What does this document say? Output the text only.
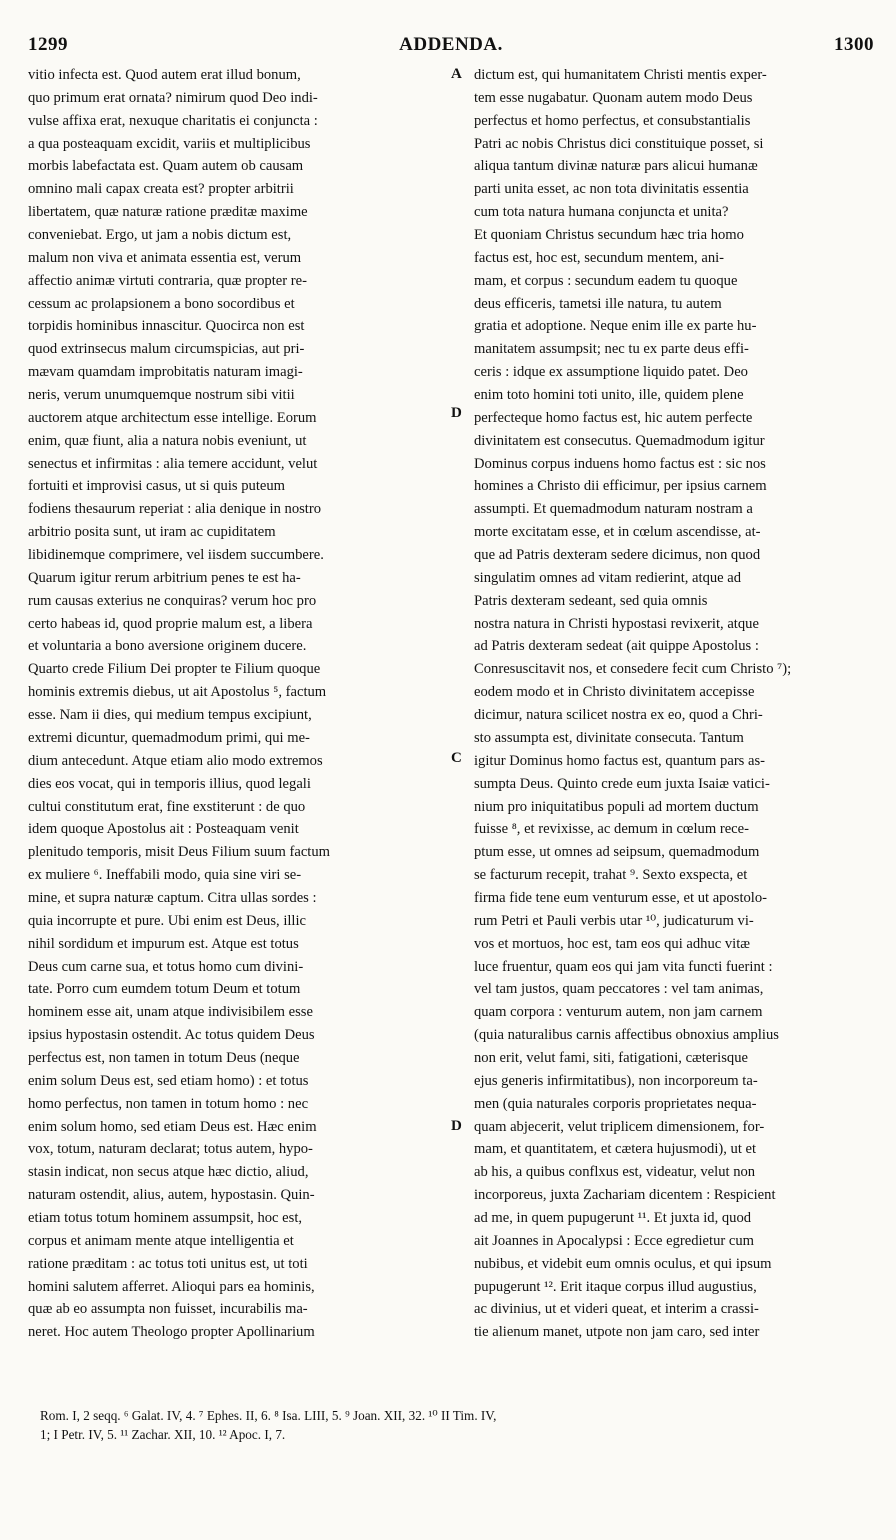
1299	ADDENDA.	1300
A
D
C
D
vitio infecta est. Quod autem erat illud bonum,
quo primum erat ornata? nimirum quod Deo indi-
vulse affixa erat, nexuque charitatis ei conjuncta :
a qua posteaquam excidit, variis et multiplicibus
morbis labefactata est. Quam autem ob causam
omnino mali capax creata est? propter arbitrii
libertatem, quæ naturæ ratione præditæ maxime
conveniebat. Ergo, ut jam a nobis dictum est,
malum non viva et animata essentia est, verum
affectio animæ virtuti contraria, quæ propter re-
cessum ac prolapsionem a bono socordibus et
torpidis hominibus innascitur. Quocirca non est
quod extrinsecus malum circumspicias, aut pri-
mævam quamdam improbitatis naturam imagi-
neris, verum unumquemque nostrum sibi vitii
auctorem atque architectum esse intellige. Eorum
enim, quæ fiunt, alia a natura nobis eveniunt, ut
senectus et infirmitas : alia temere accidunt, velut
fortuiti et improvisi casus, ut si quis puteum
fodiens thesaurum reperiat : alia denique in nostro
arbitrio posita sunt, ut iram ac cupiditatem
libidinemque comprimere, vel iisdem succumbere.
Quarum igitur rerum arbitrium penes te est ha-
rum causas exterius ne conquiras? verum hoc pro
certo habeas id, quod proprie malum est, a libera
et voluntaria a bono aversione originem ducere.
Quarto crede Filium Dei propter te Filium quoque
hominis extremis diebus, ut ait Apostolus ⁵, factum
esse. Nam ii dies, qui medium tempus excipiunt,
extremi dicuntur, quemadmodum primi, qui me-
dium antecedunt. Atque etiam alio modo extremos
dies eos vocat, qui in temporis illius, quod legali
cultui constitutum erat, fine exstiterunt : de quo
idem quoque Apostolus ait : Posteaquam venit
plenitudo temporis, misit Deus Filium suum factum
ex muliere ⁶. Ineffabili modo, quia sine viri se-
mine, et supra naturæ captum. Citra ullas sordes :
quia incorrupte et pure. Ubi enim est Deus, illic
nihil sordidum et impurum est. Atque est totus
Deus cum carne sua, et totus homo cum divini-
tate. Porro cum eumdem totum Deum et totum
hominem esse ait, unam atque indivisibilem esse
ipsius hypostasin ostendit. Ac totus quidem Deus
perfectus est, non tamen in totum Deus (neque
enim solum Deus est, sed etiam homo) : et totus
homo perfectus, non tamen in totum homo : nec
enim solum homo, sed etiam Deus est. Hæc enim
vox, totum, naturam declarat; totus autem, hypo-
stasin indicat, non secus atque hæc dictio, aliud,
naturam ostendit, alius, autem, hypostasin. Quin-
etiam totus totum hominem assumpsit, hoc est,
corpus et animam mente atque intelligentia et
ratione præditam : ac totus toti unitus est, ut toti
homini salutem afferret. Alioqui pars ea hominis,
quæ ab eo assumpta non fuisset, incurabilis ma-
neret. Hoc autem Theologo propter Apollinarium
dictum est, qui humanitatem Christi mentis exper-
tem esse nugabatur. Quonam autem modo Deus
perfectus et homo perfectus, et consubstantialis
Patri ac nobis Christus dici constituique posset, si
aliqua tantum divinæ naturæ pars alicui humanæ
parti unita esset, ac non tota divinitatis essentia
cum tota natura humana conjuncta et unita?
Et quoniam Christus secundum hæc tria homo
factus est, hoc est, secundum mentem, ani-
mam, et corpus : secundum eadem tu quoque
deus efficeris, tametsi ille natura, tu autem
gratia et adoptione. Neque enim ille ex parte hu-
manitatem assumpsit; nec tu ex parte deus effi-
ceris : idque ex assumptione liquido patet. Deo
enim toto homini toti unito, ille, quidem plene
perfecteque homo factus est, hic autem perfecte
divinitatem est consecutus. Quemadmodum igitur
Dominus corpus induens homo factus est : sic nos
homines a Christo dii efficimur, per ipsius carnem
assumpti. Et quemadmodum naturam nostram a
morte excitatam esse, et in cœlum ascendisse, at-
que ad Patris dexteram sedere dicimus, non quod
singulatim omnes ad vitam redierint, atque ad
Patris dexteram sedeant, sed quia omnis
nostra natura in Christi hypostasi revixerit, atque
ad Patris dexteram sedeat (ait quippe Apostolus :
Conresuscitavit nos, et consedere fecit cum Christo ⁷);
eodem modo et in Christo divinitatem accepisse
dicimur, natura scilicet nostra ex eo, quod a Chri-
sto assumpta est, divinitate consecuta. Tantum
igitur Dominus homo factus est, quantum pars as-
sumpta Deus. Quinto crede eum juxta Isaiæ vatici-
nium pro iniquitatibus populi ad mortem ductum
fuisse ⁸, et revixisse, ac demum in cœlum rece-
ptum esse, ut omnes ad seipsum, quemadmodum
se facturum recepit, trahat ⁹. Sexto exspecta, et
firma fide tene eum venturum esse, et ut apostolo-
rum Petri et Pauli verbis utar ¹⁰, judicaturum vi-
vos et mortuos, hoc est, tam eos qui adhuc vitæ
luce fruentur, quam eos qui jam vita functi fuerint :
vel tam justos, quam peccatores : vel tam animas,
quam corpora : venturum autem, non jam carnem
(quia naturalibus carnis affectibus obnoxius amplius
non erit, velut fami, siti, fatigationi, cæterisque
ejus generis infirmitatibus), non incorporeum ta-
men (quia naturales corporis proprietates nequa-
quam abjecerit, velut triplicem dimensionem, for-
mam, et quantitatem, et cætera hujusmodi), ut et
ab his, a quibus conflxus est, videatur, velut non
incorporeus, juxta Zachariam dicentem : Respicient
ad me, in quem pupugerunt ¹¹. Et juxta id, quod
ait Joannes in Apocalypsi : Ecce egredietur cum
nubibus, et videbit eum omnis oculus, et qui ipsum
pupugerunt ¹². Erit itaque corpus illud augustius,
ac divinius, ut et videri queat, et interim a crassi-
tie alienum manet, utpote non jam caro, sed inter
Rom. I, 2 seqq. ⁶ Galat. IV, 4. ⁷ Ephes. II, 6. ⁸ Isa. LIII, 5. ⁹ Joan. XII, 32. ¹⁰ II Tim. IV,
1; I Petr. IV, 5. ¹¹ Zachar. XII, 10. ¹² Apoc. I, 7.
